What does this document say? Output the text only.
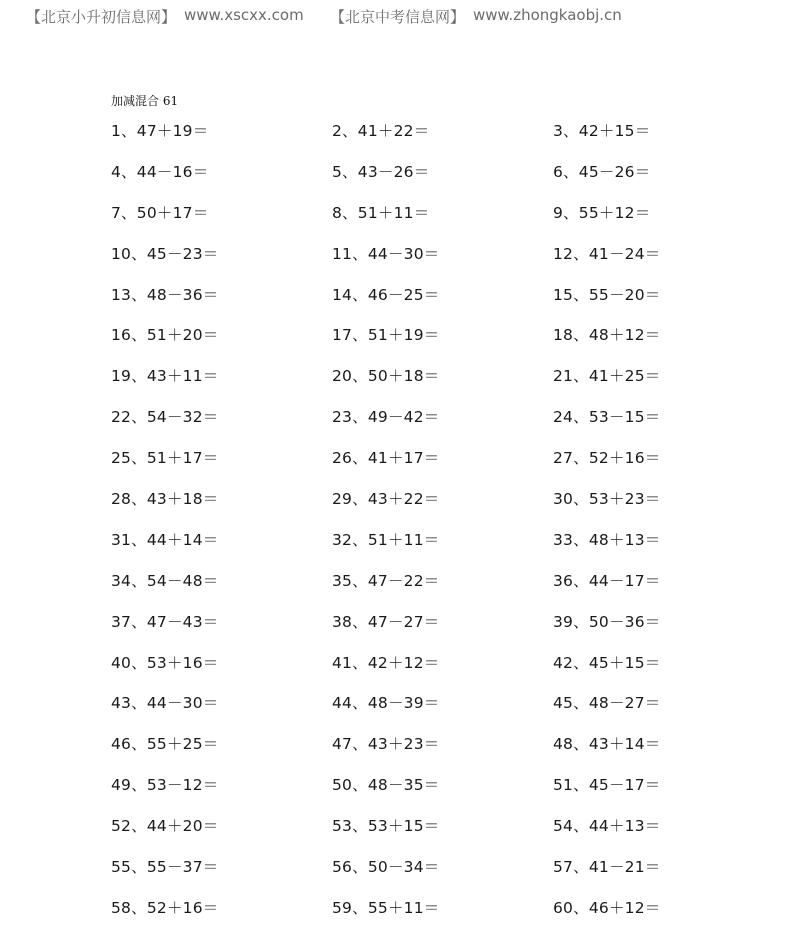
【北京小升初信息网】 www.xscxx.com 【北京中考信息网】 www.zhongkaobj.cn
加减混合 61
1、47＋19＝	2、41＋22＝	3、42＋15＝
4、44－16＝	5、43－26＝	6、45－26＝
7、50＋17＝	8、51＋11＝	9、55＋12＝
10、45－23＝	11、44－30＝	12、41－24＝
13、48－36＝	14、46－25＝	15、55－20＝
16、51＋20＝	17、51＋19＝	18、48＋12＝
19、43＋11＝	20、50＋18＝	21、41＋25＝
22、54－32＝	23、49－42＝	24、53－15＝
25、51＋17＝	26、41＋17＝	27、52＋16＝
28、43＋18＝	29、43＋22＝	30、53＋23＝
31、44＋14＝	32、51＋11＝	33、48＋13＝
34、54－48＝	35、47－22＝	36、44－17＝
37、47－43＝	38、47－27＝	39、50－36＝
40、53＋16＝	41、42＋12＝	42、45＋15＝
43、44－30＝	44、48－39＝	45、48－27＝
46、55＋25＝	47、43＋23＝	48、43＋14＝
49、53－12＝	50、48－35＝	51、45－17＝
52、44＋20＝	53、53＋15＝	54、44＋13＝
55、55－37＝	56、50－34＝	57、41－21＝
58、52＋16＝	59、55＋11＝	60、46＋12＝
